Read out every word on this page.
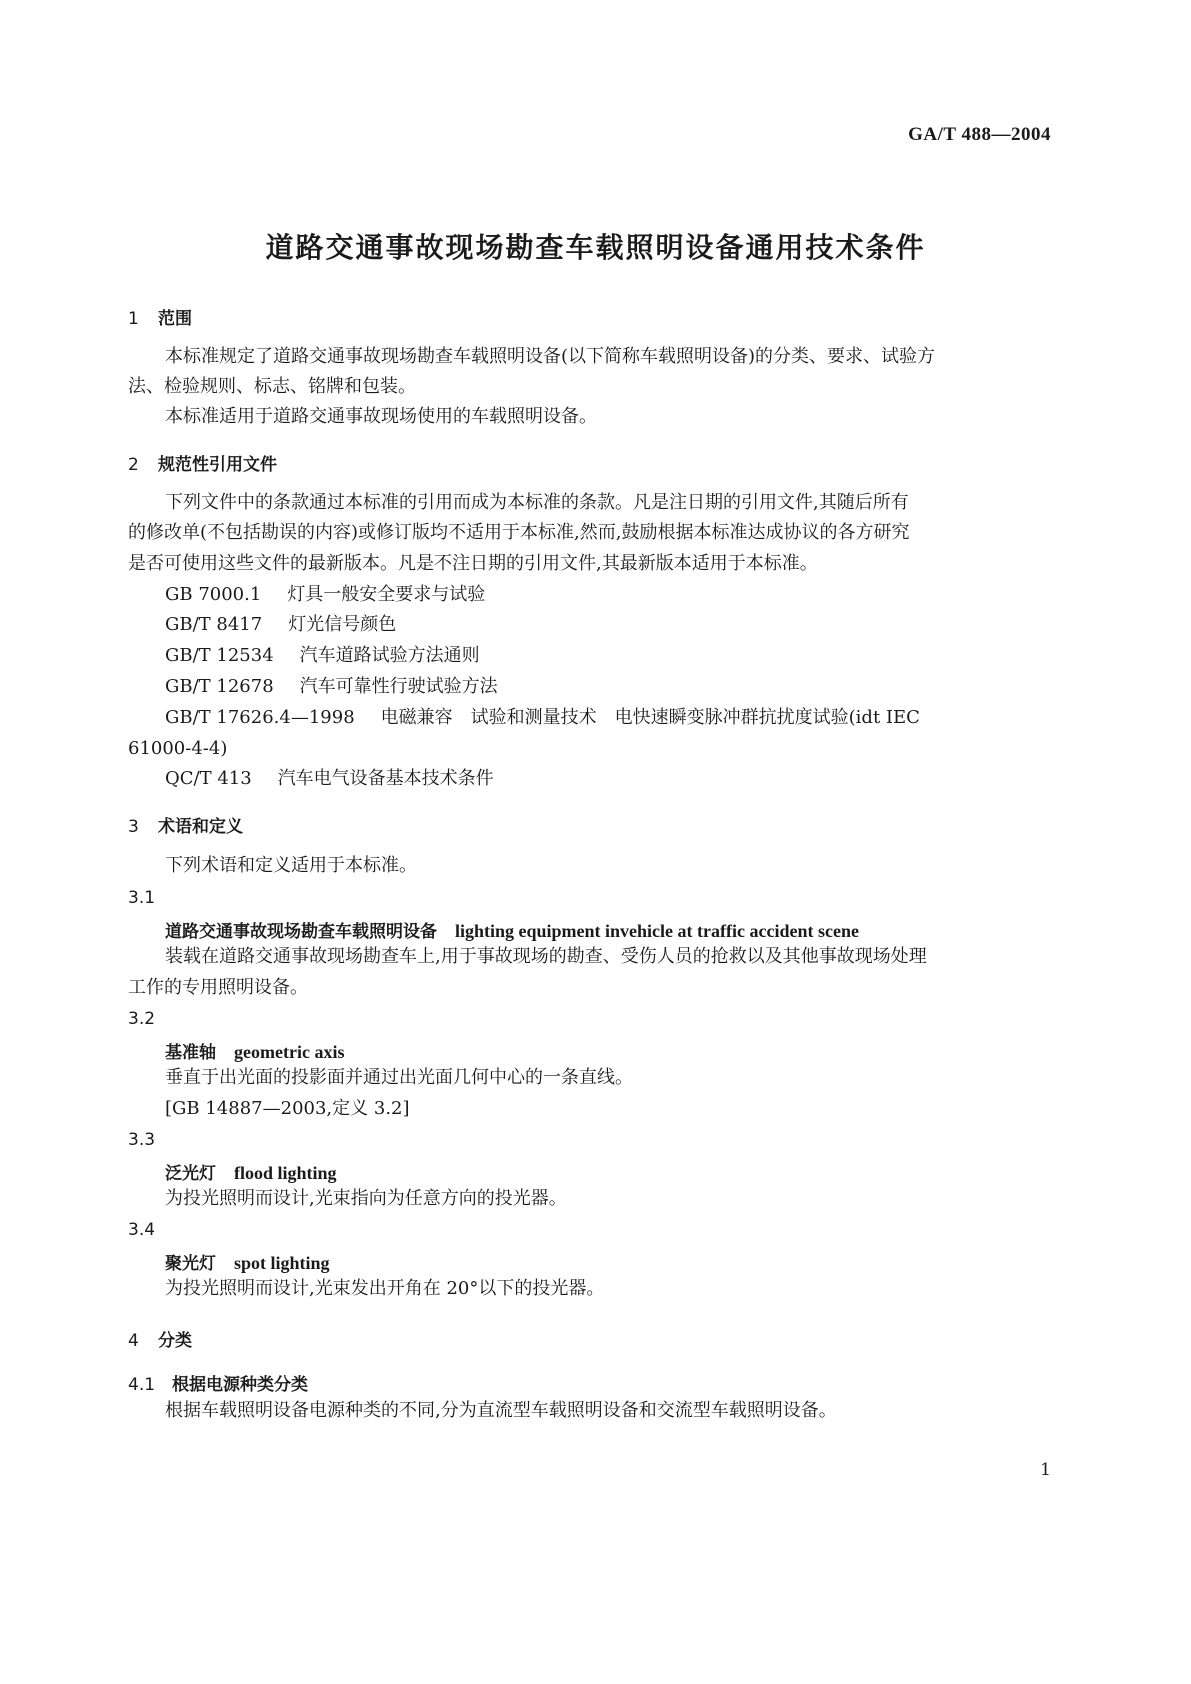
GA/T 488—2004
道路交通事故现场勘查车载照明设备通用技术条件
1 范围
本标准规定了道路交通事故现场勘查车载照明设备(以下简称车载照明设备)的分类、要求、试验方
法、检验规则、标志、铭牌和包装。
本标准适用于道路交通事故现场使用的车载照明设备。
2 规范性引用文件
下列文件中的条款通过本标准的引用而成为本标准的条款。凡是注日期的引用文件,其随后所有
的修改单(不包括勘误的内容)或修订版均不适用于本标准,然而,鼓励根据本标准达成协议的各方研究
是否可使用这些文件的最新版本。凡是不注日期的引用文件,其最新版本适用于本标准。
GB 7000.1 灯具一般安全要求与试验
GB/T 8417 灯光信号颜色
GB/T 12534 汽车道路试验方法通则
GB/T 12678 汽车可靠性行驶试验方法
GB/T 17626.4—1998 电磁兼容　试验和测量技术　电快速瞬变脉冲群抗扰度试验(idt IEC
61000-4-4)
QC/T 413 汽车电气设备基本技术条件
3 术语和定义
下列术语和定义适用于本标准。
3.1
道路交通事故现场勘查车载照明设备 lighting equipment invehicle at traffic accident scene
装载在道路交通事故现场勘查车上,用于事故现场的勘查、受伤人员的抢救以及其他事故现场处理
工作的专用照明设备。
3.2
基准轴 geometric axis
垂直于出光面的投影面并通过出光面几何中心的一条直线。
[GB 14887—2003,定义 3.2]
3.3
泛光灯 flood lighting
为投光照明而设计,光束指向为任意方向的投光器。
3.4
聚光灯 spot lighting
为投光照明而设计,光束发出开角在 20°以下的投光器。
4 分类
4.1 根据电源种类分类
根据车载照明设备电源种类的不同,分为直流型车载照明设备和交流型车载照明设备。
1
